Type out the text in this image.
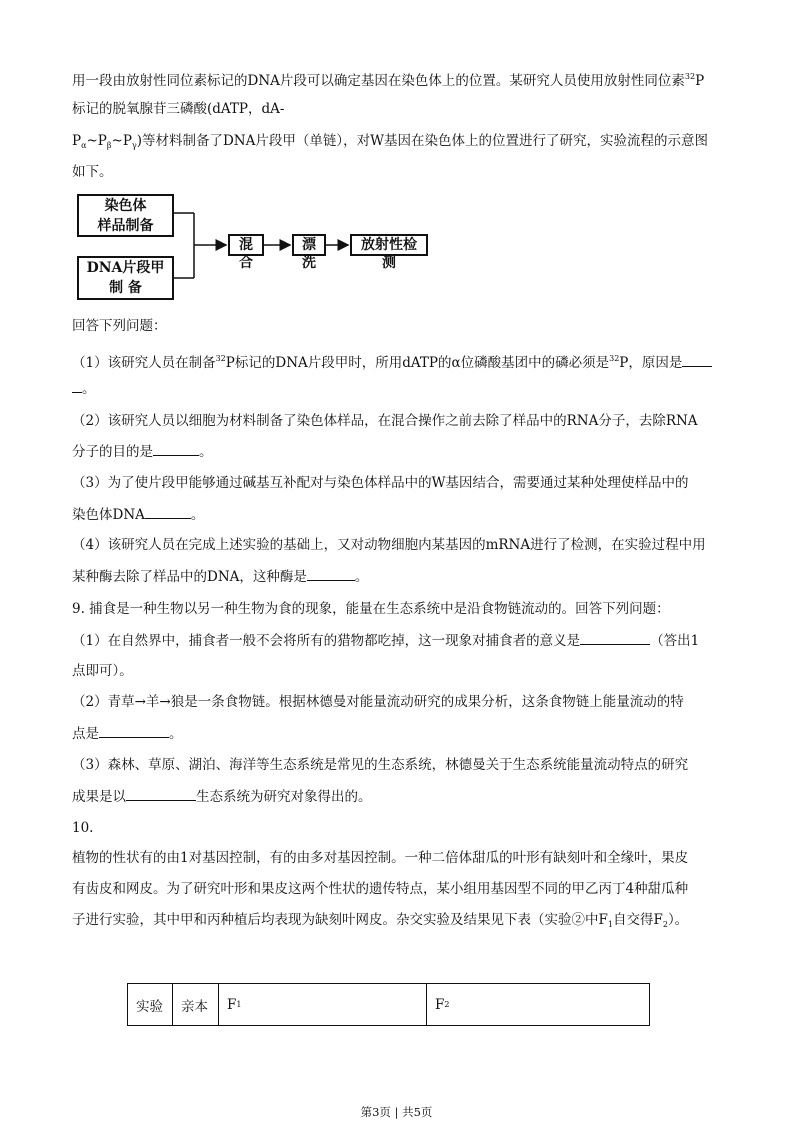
用一段由放射性同位素标记的DNA片段可以确定基因在染色体上的位置。某研究人员使用放射性同位素$^{32}$P
标记的脱氧腺苷三磷酸(dATP，dA-
$P_\alpha\sim P_\beta\sim P_\gamma$)等材料制备了DNA片段甲（单链），对W基因在染色体上的位置进行了研究，实验流程的示意图
如下。
染色体
样品制备
DNA片段甲
制 备
混合
漂洗
放射性检测
回答下列问题：
（1）该研究人员在制备$^{32}$P标记的DNA片段甲时，所用dATP的α位磷酸基团中的磷必须是$^{32}$P，原因是
。
（2）该研究人员以细胞为材料制备了染色体样品，在混合操作之前去除了样品中的RNA分子，去除RNA
分子的目的是	。
（3）为了使片段甲能够通过碱基互补配对与染色体样品中的W基因结合，需要通过某种处理使样品中的
染色体DNA	。
（4）该研究人员在完成上述实验的基础上，又对动物细胞内某基因的mRNA进行了检测，在实验过程中用
某种酶去除了样品中的DNA，这种酶是	。
9. 捕食是一种生物以另一种生物为食的现象，能量在生态系统中是沿食物链流动的。回答下列问题：
（1）在自然界中，捕食者一般不会将所有的猎物都吃掉，这一现象对捕食者的意义是	（答出1
点即可）。
（2）青草→羊→狼是一条食物链。根据林德曼对能量流动研究的成果分析，这条食物链上能量流动的特
点是	。
（3）森林、草原、湖泊、海洋等生态系统是常见的生态系统，林德曼关于生态系统能量流动特点的研究
成果是以	生态系统为研究对象得出的。
10.
植物的性状有的由1对基因控制，有的由多对基因控制。一种二倍体甜瓜的叶形有缺刻叶和全缘叶，果皮
有齿皮和网皮。为了研究叶形和果皮这两个性状的遗传特点，某小组用基因型不同的甲乙丙丁4种甜瓜种
子进行实验，其中甲和丙种植后均表现为缺刻叶网皮。杂交实验及结果见下表（实验②中$F_1$自交得$F_2$）。
实验	亲本	F 1	F 2
第3页 | 共5页
